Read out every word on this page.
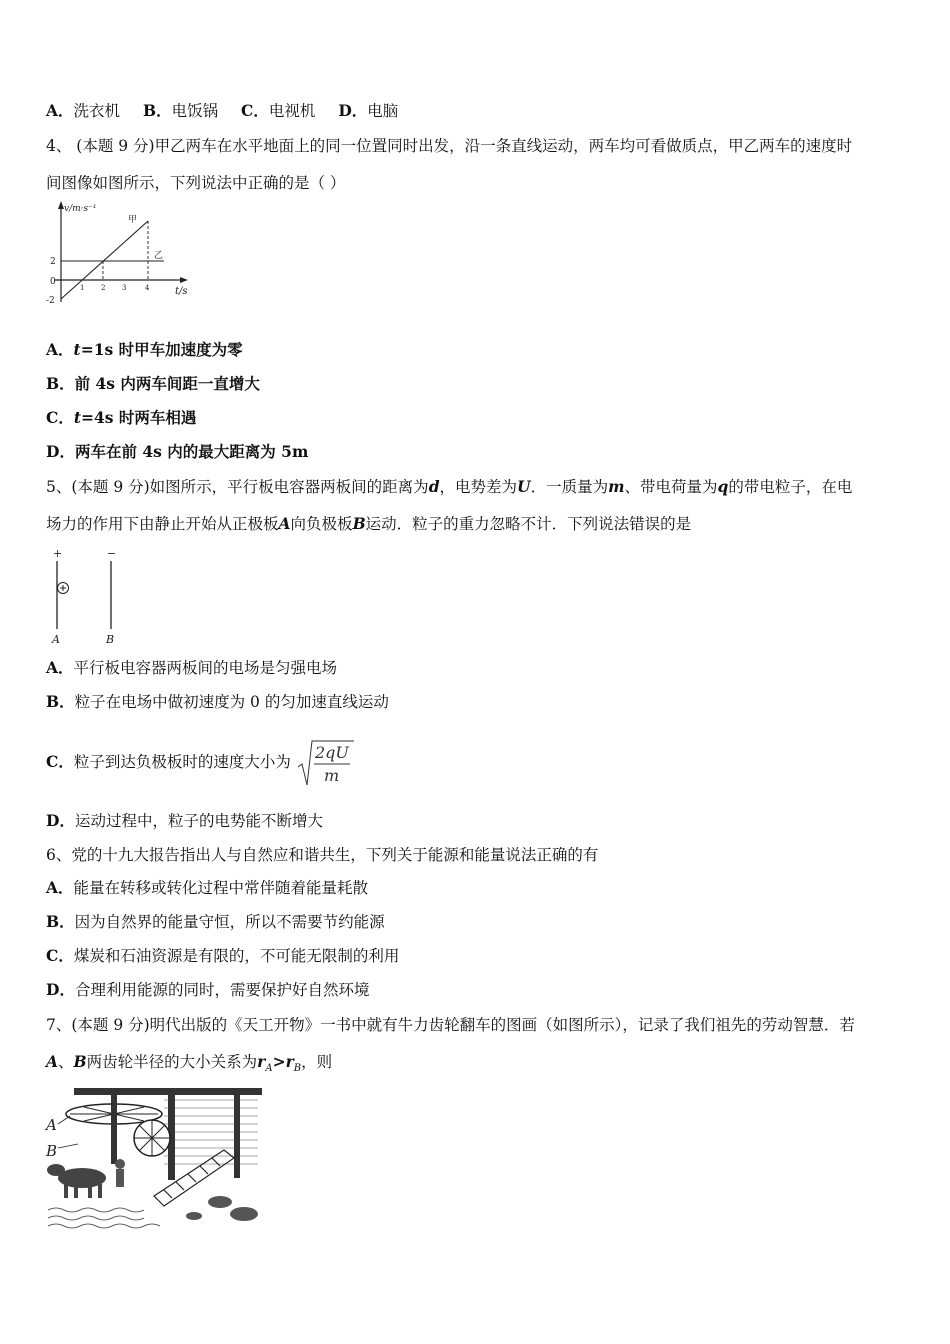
A．洗衣机 B．电饭锅 C．电视机 D．电脑
4、 (本题 9 分)甲乙两车在水平地面上的同一位置同时出发，沿一条直线运动，两车均可看做质点，甲乙两车的速度时
间图像如图所示，下列说法中正确的是（ ）
v/m·s⁻¹
t/s
甲
乙
2
0
-2
1 2 3	4
A．t=1s 时甲车加速度为零
B．前 4s 内两车间距一直增大
C．t=4s 时两车相遇
D．两车在前 4s 内的最大距离为 5m
5、(本题 9 分)如图所示，平行板电容器两板间的距离为d，电势差为U．一质量为m、带电荷量为q的带电粒子，在电
场力的作用下由静止开始从正极板A向负极板B运动．粒子的重力忽略不计．下列说法错误的是
+	−
A	B
A．平行板电容器两板间的电场是匀强电场
B．粒子在电场中做初速度为 0 的匀加速直线运动
C．粒子到达负极板时的速度大小为 2qU
m
D．运动过程中，粒子的电势能不断增大
6、党的十九大报告指出人与自然应和谐共生，下列关于能源和能量说法正确的有
A．能量在转移或转化过程中常伴随着能量耗散
B．因为自然界的能量守恒，所以不需要节约能源
C．煤炭和石油资源是有限的，不可能无限制的利用
D．合理利用能源的同时，需要保护好自然环境
7、(本题 9 分)明代出版的《天工开物》一书中就有牛力齿轮翻车的图画（如图所示），记录了我们祖先的劳动智慧．若
A、B两齿轮半径的大小关系为$r_A>r_B$，则
A
B
